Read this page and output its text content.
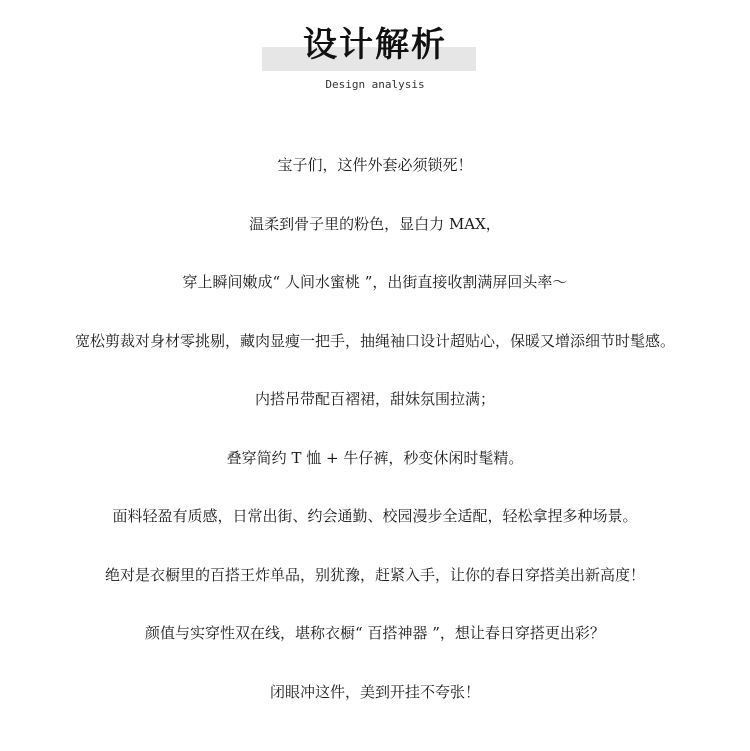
设计解析
Design analysis
宝子们，这件外套必须锁死！
温柔到骨子里的粉色，显白力 MAX，
穿上瞬间嫩成“ 人间水蜜桃 ”，出街直接收割满屏回头率～
宽松剪裁对身材零挑剔，藏肉显瘦一把手，抽绳袖口设计超贴心，保暖又增添细节时髦感。
内搭吊带配百褶裙，甜妹氛围拉满；
叠穿简约 T 恤 + 牛仔裤，秒变休闲时髦精。
面料轻盈有质感，日常出街、约会通勤、校园漫步全适配，轻松拿捏多种场景。
绝对是衣橱里的百搭王炸单品，别犹豫，赶紧入手，让你的春日穿搭美出新高度！
颜值与实穿性双在线，堪称衣橱“ 百搭神器 ”，想让春日穿搭更出彩？
闭眼冲这件，美到开挂不夸张！
